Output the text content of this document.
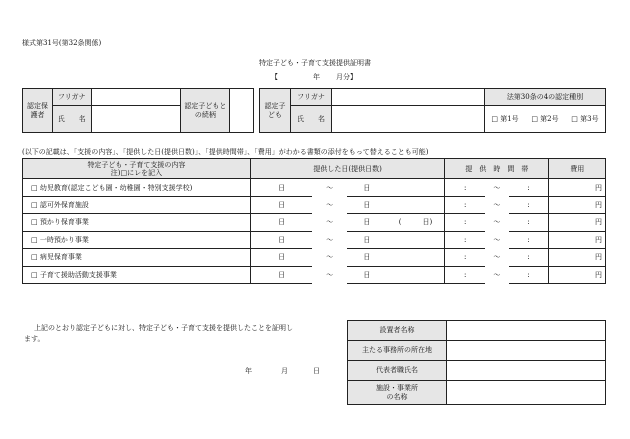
様式第31号(第32条関係)
特定子ども・子育て支援提供証明書
【	年 月分】
認定保護者	フリガナ		認定子どもとの続柄	
	氏　　名			
認定子ども	フリガナ		法第30条の4の認定種別		
	氏　　名		□ 第1号	□ 第2号	□ 第3号
(以下の記載は、「支援の内容」、「提供した日(提供日数)」、「提供時間帯」、「費用」がわかる書類の添付をもって替えることも可能)
特定子ども・子育て支援の内容
注)□にレを記入	提供した日(提供日数)				提　供　時　間　帯			費用
□ 幼児教育(認定こども園・幼稚園・特別支援学校)	日	〜	日		:	〜	:	円
□ 認可外保育施設	日	〜	日		:	〜	:	円
□ 預かり保育事業	日	〜	日	(　　　日)	:	〜	:	円
□ 一時預かり事業	日	〜	日		:	〜	:	円
□ 病児保育事業	日	〜	日		:	〜	:	円
□ 子育て援助活動支援事業	日	〜	日		:	〜	:	円
上記のとおり認定子どもに対し、特定子ども・子育て支援を提供したことを証明し
ます。
年	月	日
設置者名称	
主たる事務所の所在地	
代表者職氏名	
施設・事業所の名称	
